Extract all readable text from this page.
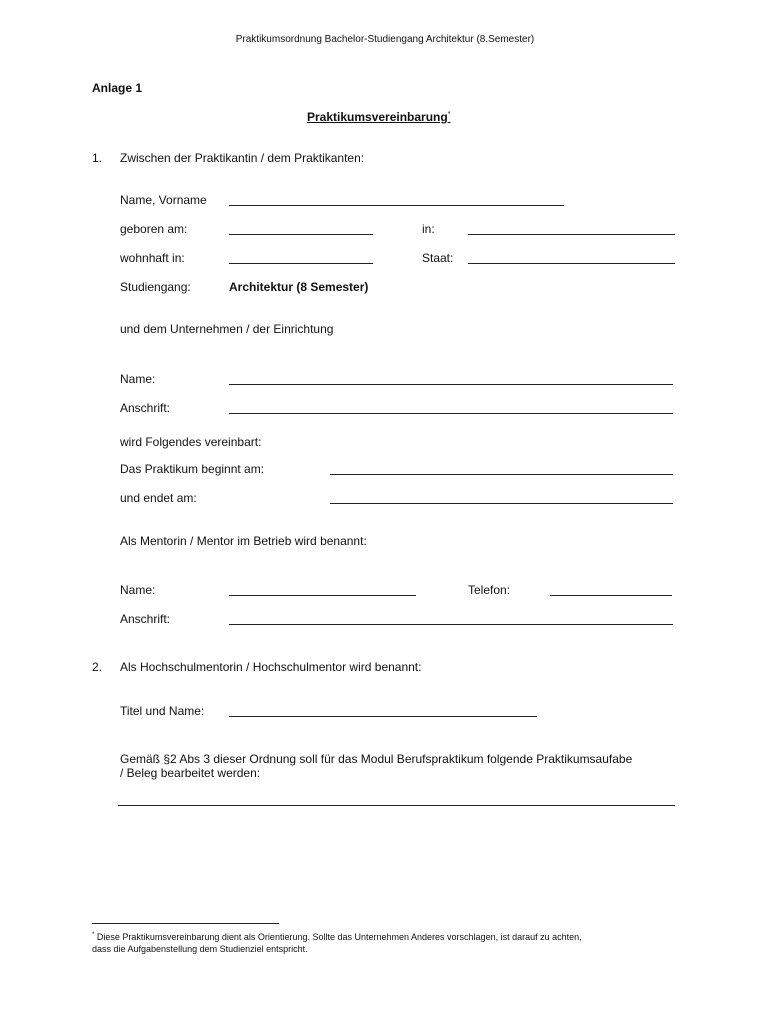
Praktikumsordnung Bachelor-Studiengang Architektur (8.Semester)
Anlage 1
Praktikumsvereinbarung*
1. Zwischen der Praktikantin / dem Praktikanten:
Name, Vorname
geboren am:	in:
wohnhaft in:	Staat:
Studiengang:	Architektur (8 Semester)
und dem Unternehmen / der Einrichtung
Name:
Anschrift:
wird Folgendes vereinbart:
Das Praktikum beginnt am:
und endet am:
Als Mentorin / Mentor im Betrieb wird benannt:
Name:	Telefon:
Anschrift:
2. Als Hochschulmentorin / Hochschulmentor wird benannt:
Titel und Name:
Gemäß §2 Abs 3 dieser Ordnung soll für das Modul Berufspraktikum folgende Praktikumsaufabe
/ Beleg bearbeitet werden:
* Diese Praktikumsvereinbarung dient als Orientierung. Sollte das Unternehmen Anderes vorschlagen, ist darauf zu achten,
dass die Aufgabenstellung dem Studienziel entspricht.
